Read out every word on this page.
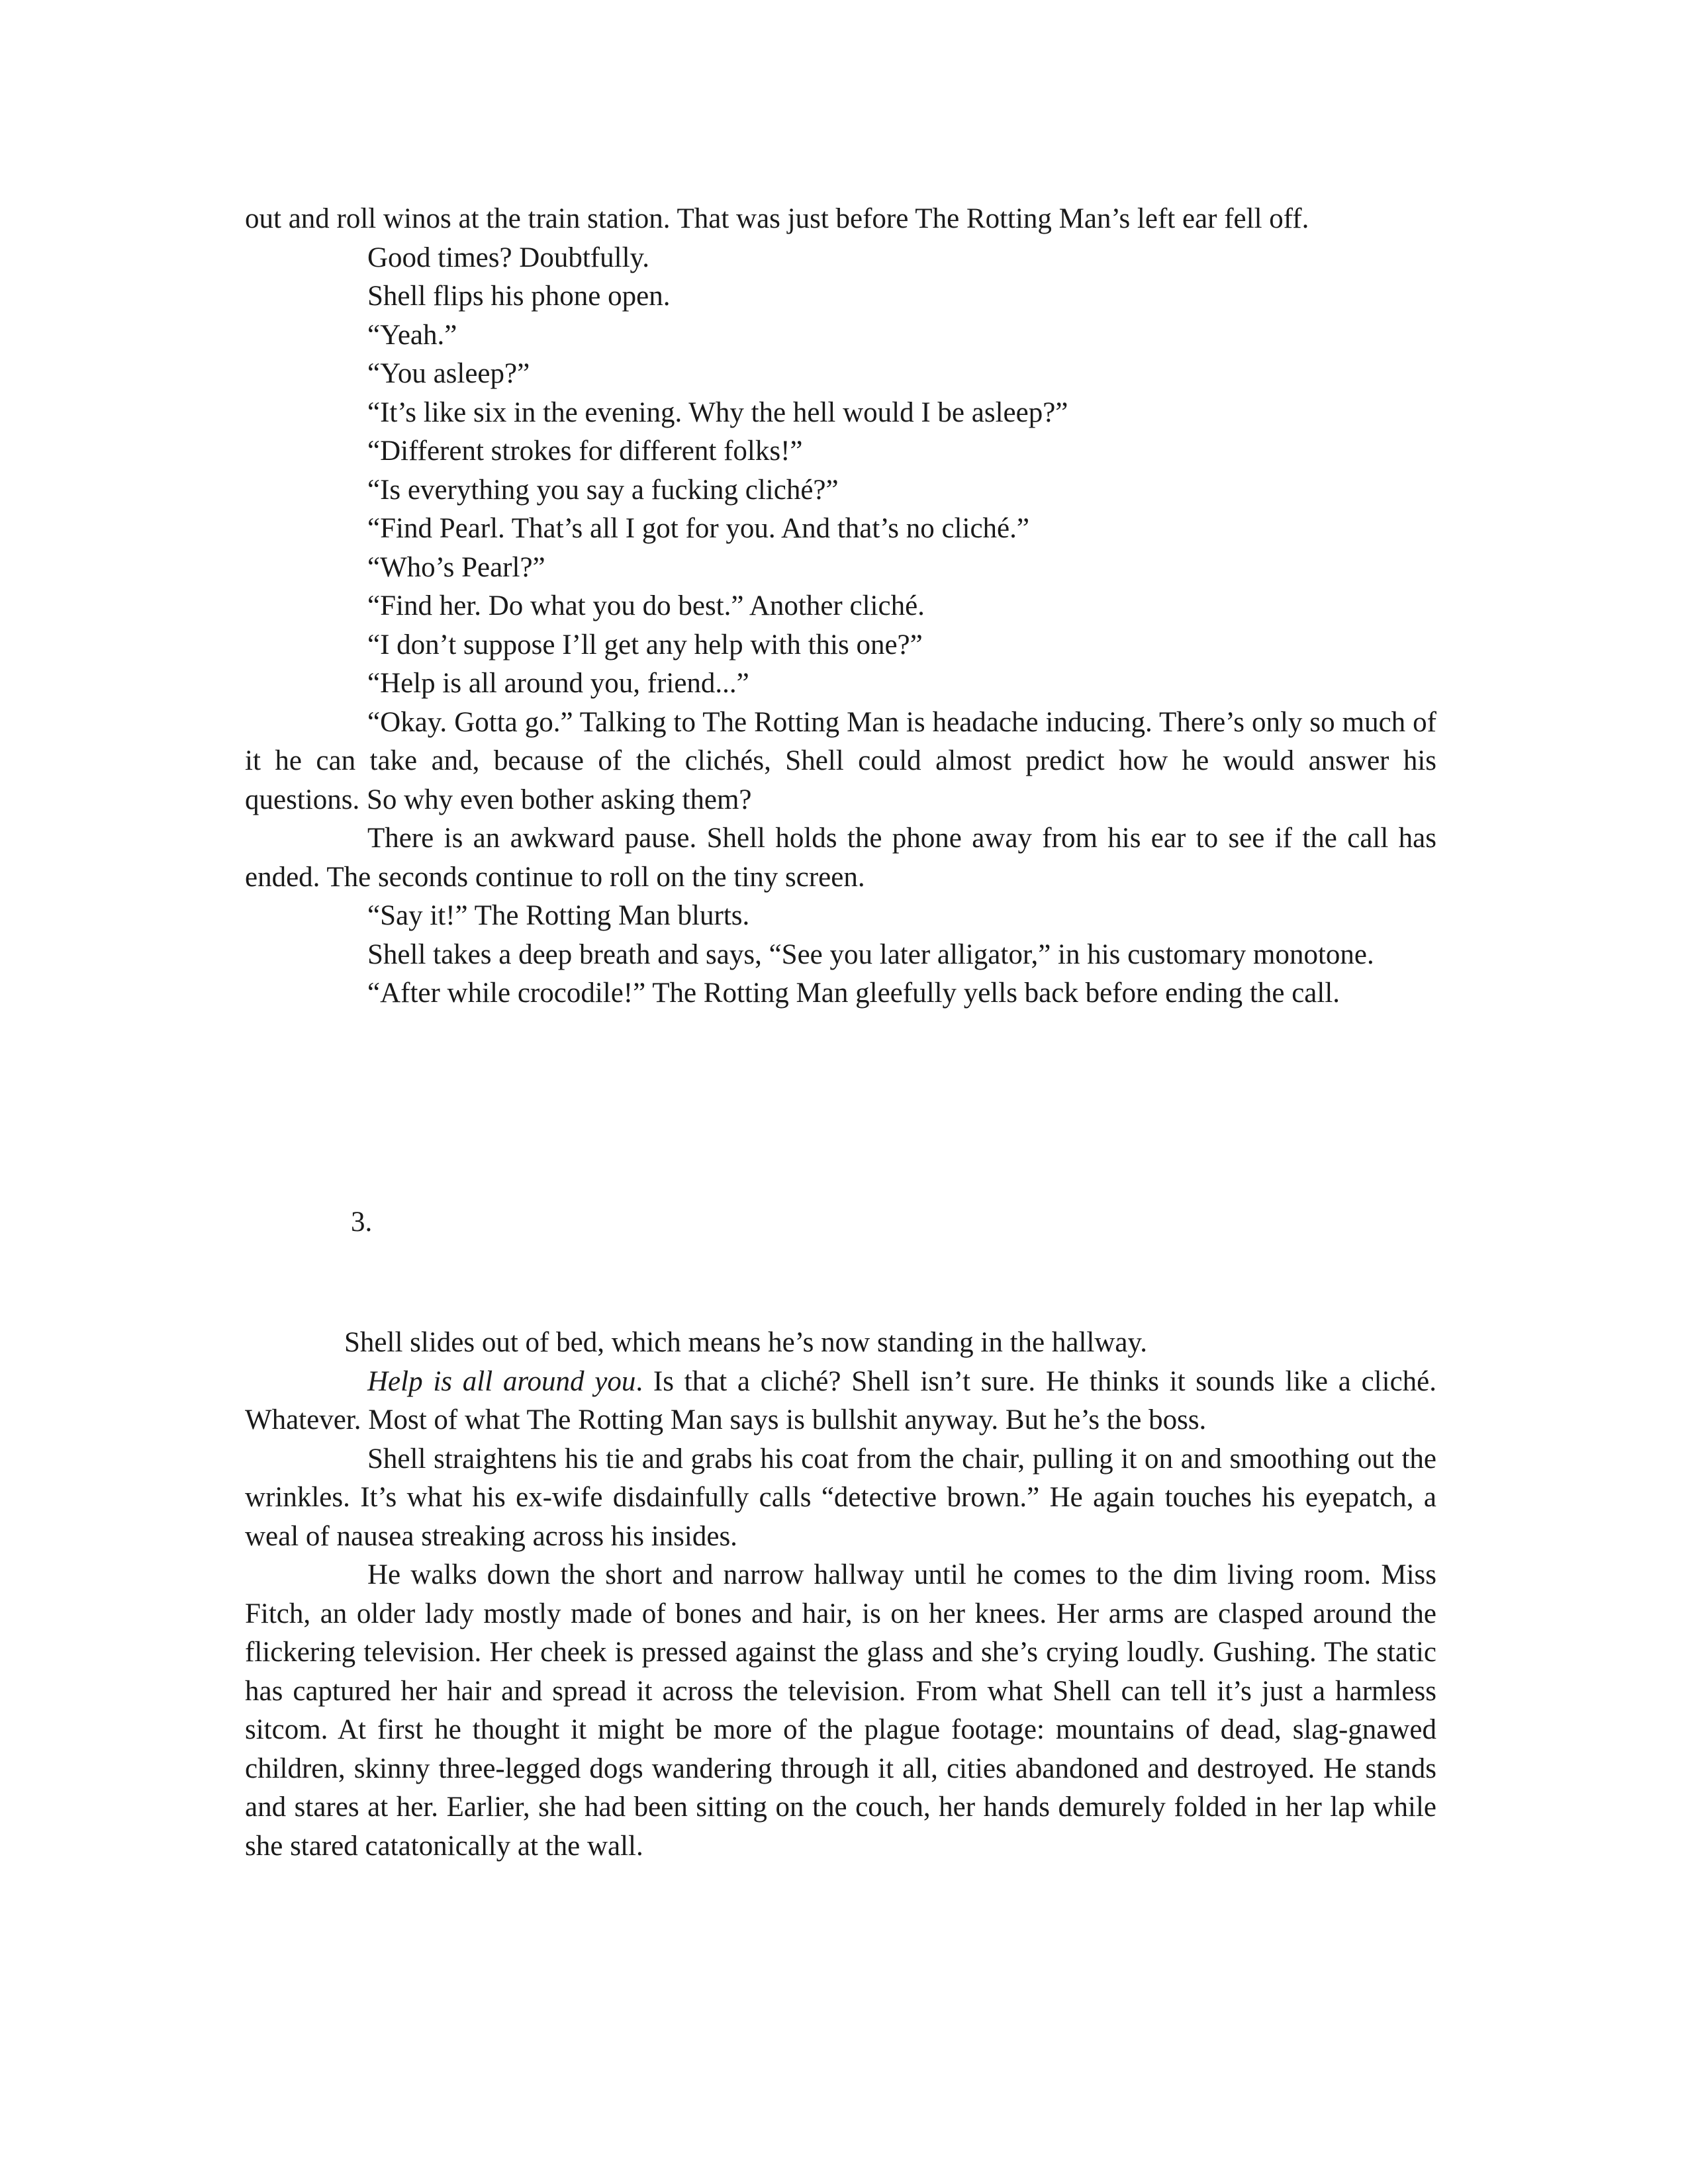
out and roll winos at the train station. That was just before The Rotting Man’s left ear fell off.

Good times? Doubtfully.

Shell flips his phone open.

“Yeah.”

“You asleep?”

“It’s like six in the evening. Why the hell would I be asleep?”

“Different strokes for different folks!”

“Is everything you say a fucking cliché?”

“Find Pearl. That’s all I got for you. And that’s no cliché.”

“Who’s Pearl?”

“Find her. Do what you do best.” Another cliché.

“I don’t suppose I’ll get any help with this one?”

“Help is all around you, friend...”

“Okay. Gotta go.” Talking to The Rotting Man is headache inducing. There’s only so much of it he can take and, because of the clichés, Shell could almost predict how he would answer his questions. So why even bother asking them?

There is an awkward pause. Shell holds the phone away from his ear to see if the call has ended. The seconds continue to roll on the tiny screen.

“Say it!” The Rotting Man blurts.

Shell takes a deep breath and says, “See you later alligator,” in his customary monotone.

“After while crocodile!” The Rotting Man gleefully yells back before ending the call.

3.

Shell slides out of bed, which means he’s now standing in the hallway.

Help is all around you. Is that a cliché? Shell isn’t sure. He thinks it sounds like a cliché. Whatever. Most of what The Rotting Man says is bullshit anyway. But he’s the boss.

Shell straightens his tie and grabs his coat from the chair, pulling it on and smoothing out the wrinkles. It’s what his ex-wife disdainfully calls “detective brown.” He again touches his eyepatch, a weal of nausea streaking across his insides.

He walks down the short and narrow hallway until he comes to the dim living room. Miss Fitch, an older lady mostly made of bones and hair, is on her knees. Her arms are clasped around the flickering television. Her cheek is pressed against the glass and she’s crying loudly. Gushing. The static has captured her hair and spread it across the television. From what Shell can tell it’s just a harmless sitcom. At first he thought it might be more of the plague footage: mountains of dead, slag-gnawed children, skinny three-legged dogs wandering through it all, cities abandoned and destroyed. He stands and stares at her. Earlier, she had been sitting on the couch, her hands demurely folded in her lap while she stared catatonically at the wall.
